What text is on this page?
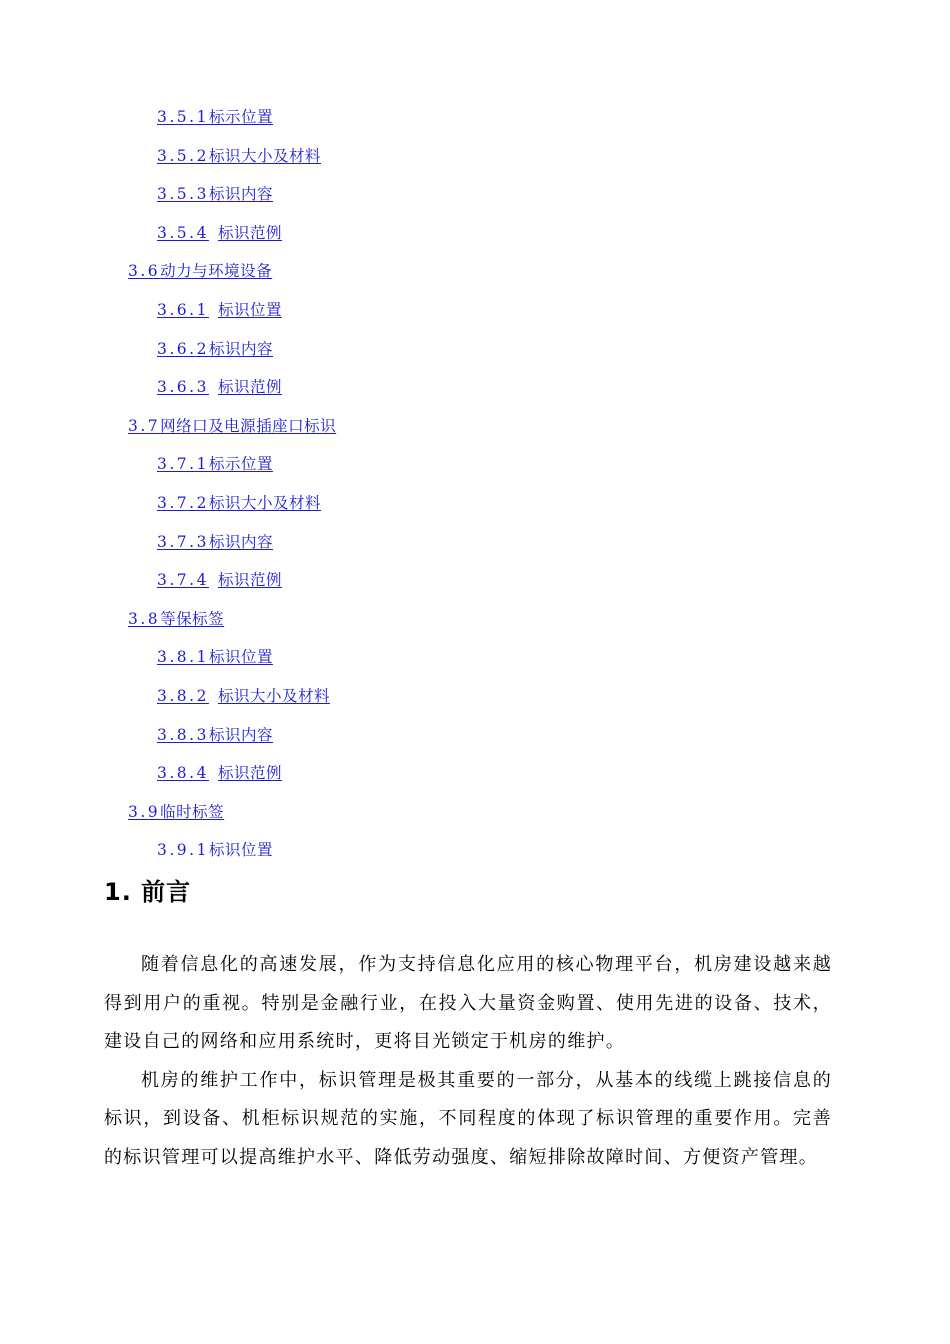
3.5.1标示位置
3.5.2标识大小及材料
3.5.3标识内容
3.5.4 标识范例
3.6动力与环境设备
3.6.1 标识位置
3.6.2标识内容
3.6.3 标识范例
3.7网络口及电源插座口标识
3.7.1标示位置
3.7.2标识大小及材料
3.7.3标识内容
3.7.4 标识范例
3.8等保标签
3.8.1标识位置
3.8.2 标识大小及材料
3.8.3标识内容
3.8.4 标识范例
3.9临时标签
3.9.1标识位置
1. 前言

随着信息化的高速发展，作为支持信息化应用的核心物理平台，机房建设越来越得到用户的重视。特别是金融行业，在投入大量资金购置、使用先进的设备、技术，建设自己的网络和应用系统时，更将目光锁定于机房的维护。

机房的维护工作中，标识管理是极其重要的一部分，从基本的线缆上跳接信息的标识，到设备、机柜标识规范的实施，不同程度的体现了标识管理的重要作用。完善的标识管理可以提高维护水平、降低劳动强度、缩短排除故障时间、方便资产管理。
